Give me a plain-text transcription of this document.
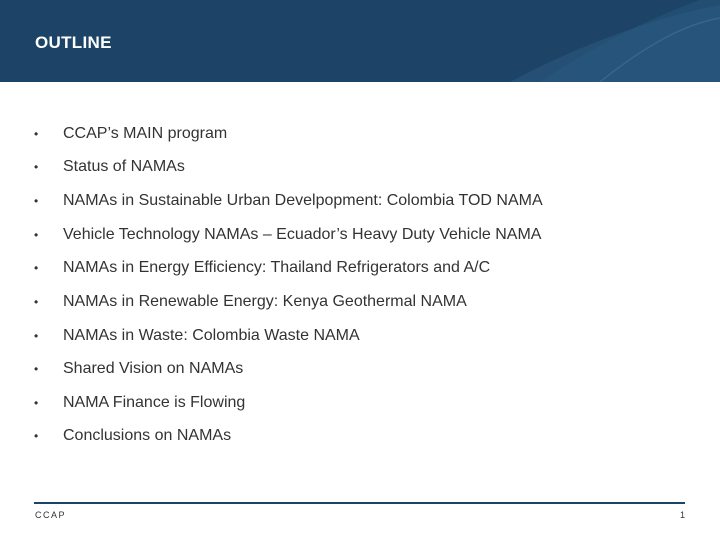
OUTLINE
• CCAP’s MAIN program
• Status of NAMAs
• NAMAs in Sustainable Urban Develpopment: Colombia TOD NAMA
• Vehicle Technology NAMAs – Ecuador’s Heavy Duty Vehicle NAMA
• NAMAs in Energy Efficiency: Thailand Refrigerators and A/C
• NAMAs in Renewable Energy: Kenya Geothermal NAMA
• NAMAs in Waste: Colombia Waste NAMA
• Shared Vision on NAMAs
• NAMA Finance is Flowing
• Conclusions on NAMAs
CCAP	1
